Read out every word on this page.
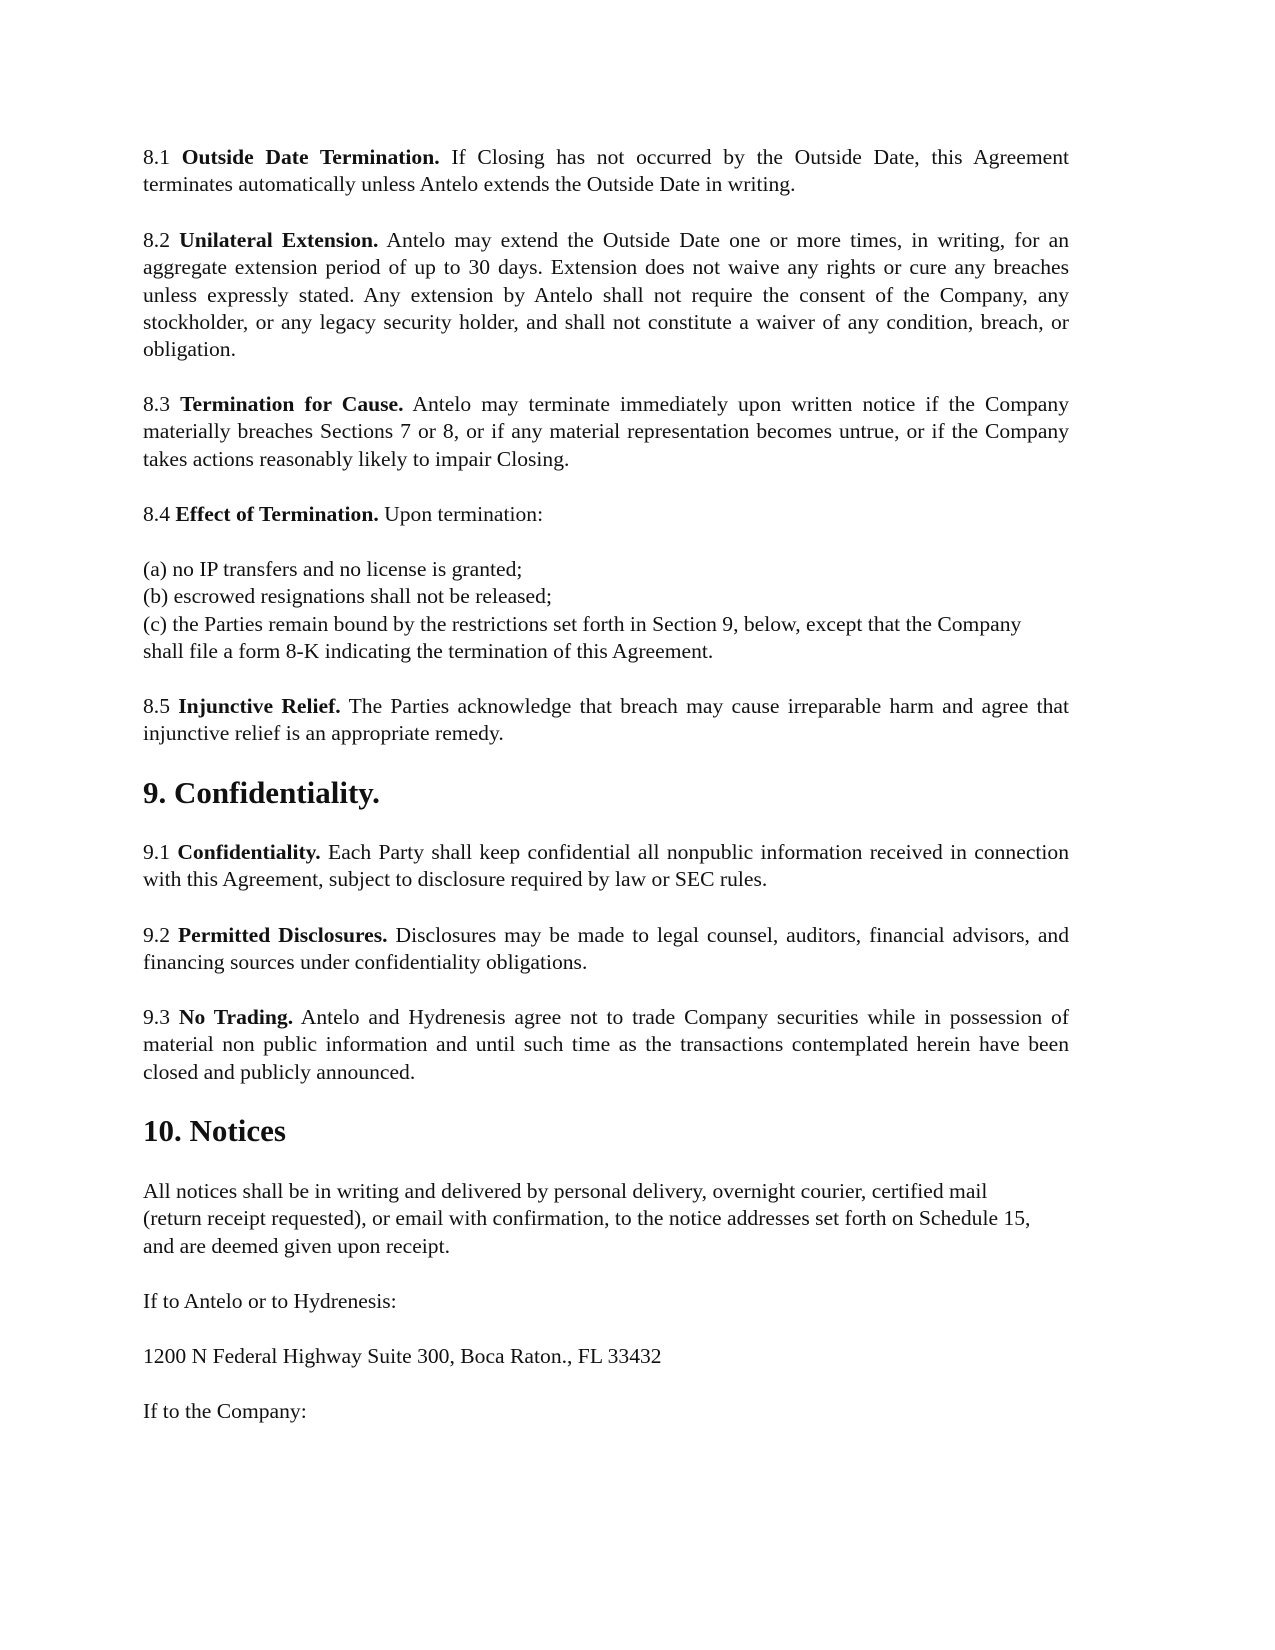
8.1 Outside Date Termination. If Closing has not occurred by the Outside Date, this Agreement terminates automatically unless Antelo extends the Outside Date in writing.

8.2 Unilateral Extension. Antelo may extend the Outside Date one or more times, in writing, for an aggregate extension period of up to 30 days. Extension does not waive any rights or cure any breaches unless expressly stated. Any extension by Antelo shall not require the consent of the Company, any stockholder, or any legacy security holder, and shall not constitute a waiver of any condition, breach, or obligation.

8.3 Termination for Cause. Antelo may terminate immediately upon written notice if the Company materially breaches Sections 7 or 8, or if any material representation becomes untrue, or if the Company takes actions reasonably likely to impair Closing.

8.4 Effect of Termination. Upon termination:

(a) no IP transfers and no license is granted;
(b) escrowed resignations shall not be released;
(c) the Parties remain bound by the restrictions set forth in Section 9, below, except that the Company shall file a form 8-K indicating the termination of this Agreement.

8.5 Injunctive Relief. The Parties acknowledge that breach may cause irreparable harm and agree that injunctive relief is an appropriate remedy.

9. Confidentiality.

9.1 Confidentiality. Each Party shall keep confidential all nonpublic information received in connection with this Agreement, subject to disclosure required by law or SEC rules.

9.2 Permitted Disclosures. Disclosures may be made to legal counsel, auditors, financial advisors, and financing sources under confidentiality obligations.

9.3 No Trading. Antelo and Hydrenesis agree not to trade Company securities while in possession of material non public information and until such time as the transactions contemplated herein have been closed and publicly announced.

10. Notices

All notices shall be in writing and delivered by personal delivery, overnight courier, certified mail (return receipt requested), or email with confirmation, to the notice addresses set forth on Schedule 15, and are deemed given upon receipt.

If to Antelo or to Hydrenesis:

1200 N Federal Highway Suite 300, Boca Raton., FL 33432

If to the Company:
